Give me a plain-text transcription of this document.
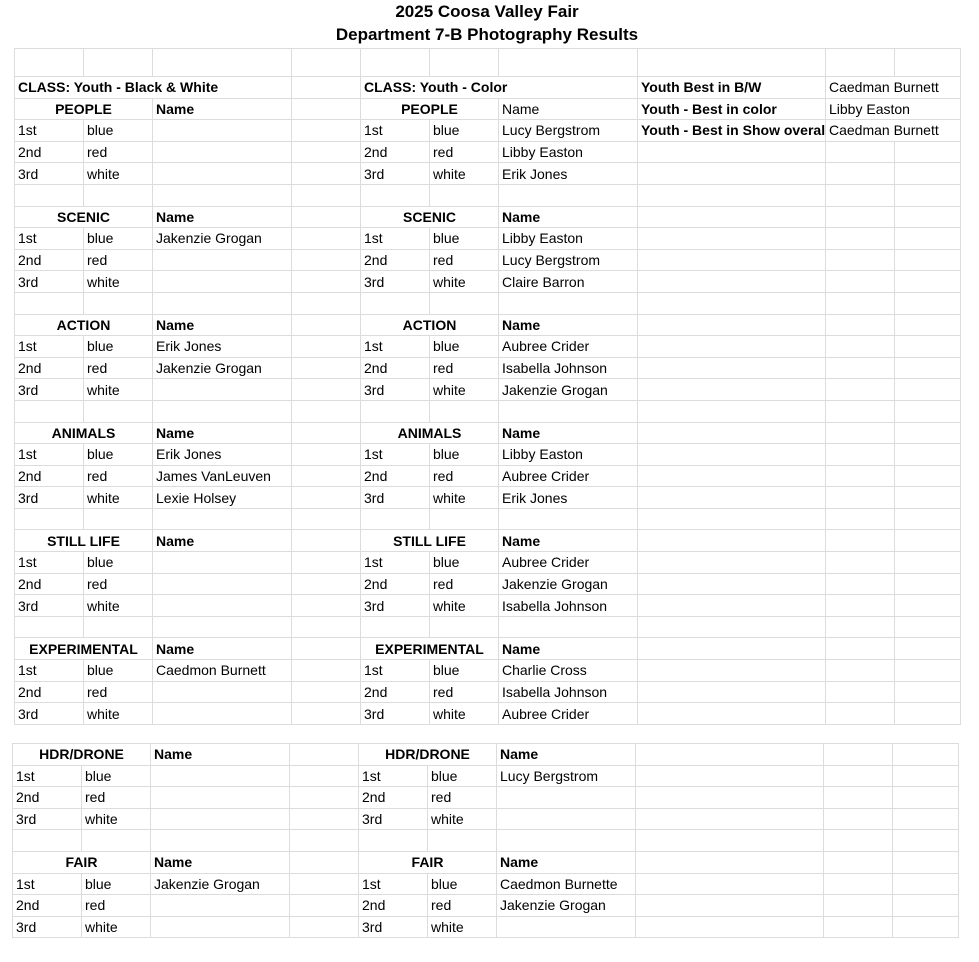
2025 Coosa Valley Fair
Department 7-B Photography Results

CLASS: Youth - Black & White				CLASS: Youth - Color			Youth Best in B/W	Caedman Burnett	
PEOPLE		Name		PEOPLE		Name	Youth - Best in color	Libby Easton	
1st	blue			1st	blue	Lucy Bergstrom	Youth - Best in Show overal	Caedman Burnett	
2nd	red			2nd	red	Libby Easton			
3rd	white			3rd	white	Erik Jones			

SCENIC		Name		SCENIC		Name			
1st	blue	Jakenzie Grogan		1st	blue	Libby Easton			
2nd	red			2nd	red	Lucy Bergstrom			
3rd	white			3rd	white	Claire Barron			

ACTION		Name		ACTION		Name			
1st	blue	Erik Jones		1st	blue	Aubree Crider			
2nd	red	Jakenzie Grogan		2nd	red	Isabella Johnson			
3rd	white			3rd	white	Jakenzie Grogan			

ANIMALS		Name		ANIMALS		Name			
1st	blue	Erik Jones		1st	blue	Libby Easton			
2nd	red	James VanLeuven		2nd	red	Aubree Crider			
3rd	white	Lexie Holsey		3rd	white	Erik Jones			

STILL LIFE		Name		STILL LIFE		Name			
1st	blue			1st	blue	Aubree Crider			
2nd	red			2nd	red	Jakenzie Grogan			
3rd	white			3rd	white	Isabella Johnson			

EXPERIMENTAL		Name		EXPERIMENTAL		Name			
1st	blue	Caedmon Burnett		1st	blue	Charlie Cross			
2nd	red			2nd	red	Isabella Johnson			
3rd	white			3rd	white	Aubree Crider			
HDR/DRONE		Name		HDR/DRONE		Name			
1st	blue			1st	blue	Lucy Bergstrom			
2nd	red			2nd	red				
3rd	white			3rd	white				

FAIR		Name		FAIR		Name			
1st	blue	Jakenzie Grogan		1st	blue	Caedmon Burnette			
2nd	red			2nd	red	Jakenzie Grogan			
3rd	white			3rd	white				
